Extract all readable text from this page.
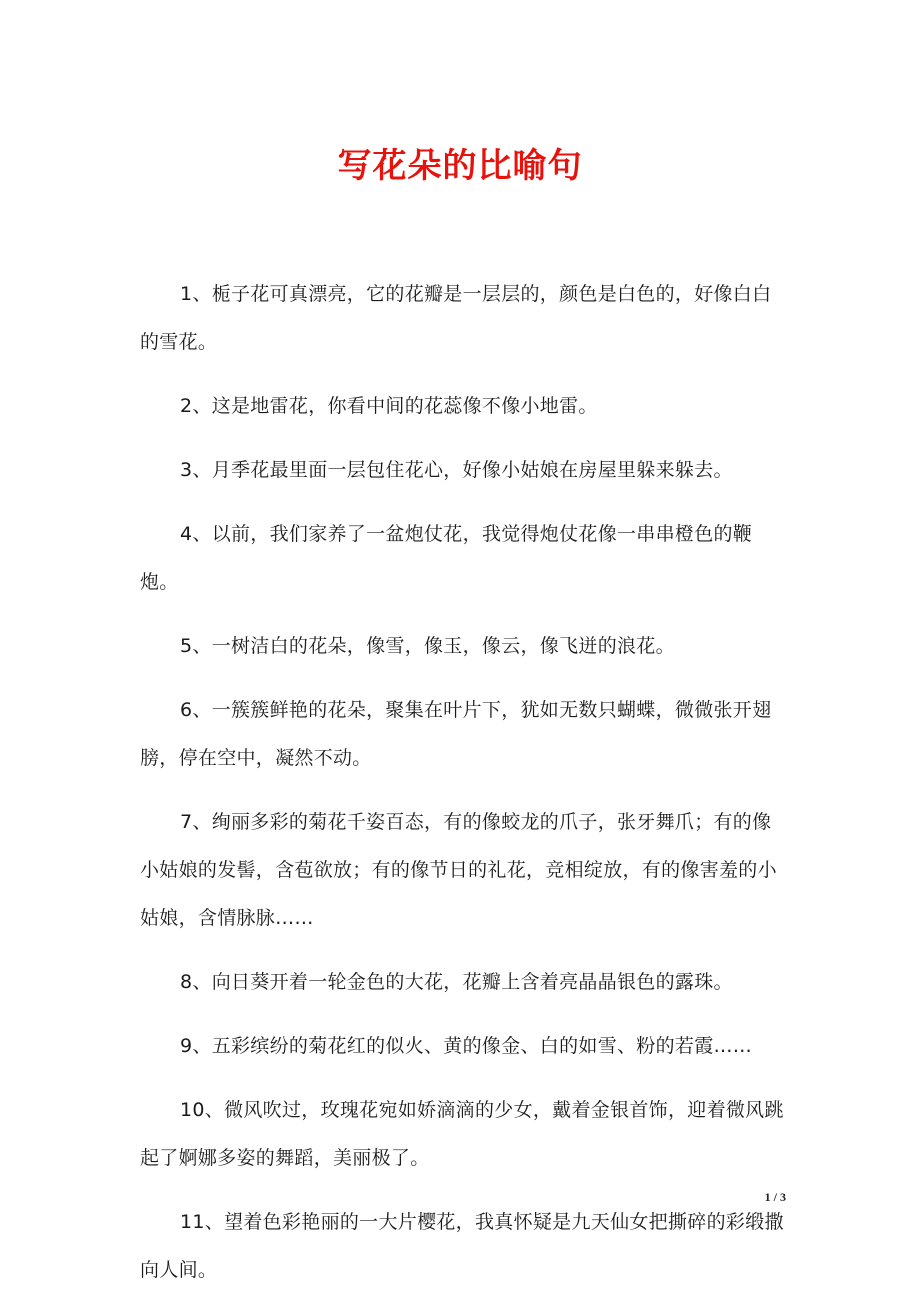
写花朵的比喻句

1、栀子花可真漂亮，它的花瓣是一层层的，颜色是白色的，好像白白的雪花。

2、这是地雷花，你看中间的花蕊像不像小地雷。

3、月季花最里面一层包住花心，好像小姑娘在房屋里躲来躲去。

4、以前，我们家养了一盆炮仗花，我觉得炮仗花像一串串橙色的鞭炮。

5、一树洁白的花朵，像雪，像玉，像云，像飞迸的浪花。

6、一簇簇鲜艳的花朵，聚集在叶片下，犹如无数只蝴蝶，微微张开翅膀，停在空中，凝然不动。

7、绚丽多彩的菊花千姿百态，有的像蛟龙的爪子，张牙舞爪；有的像小姑娘的发髻，含苞欲放；有的像节日的礼花，竞相绽放，有的像害羞的小姑娘，含情脉脉……

8、向日葵开着一轮金色的大花，花瓣上含着亮晶晶银色的露珠。

9、五彩缤纷的菊花红的似火、黄的像金、白的如雪、粉的若霞……

10、微风吹过，玫瑰花宛如娇滴滴的少女，戴着金银首饰，迎着微风跳起了婀娜多姿的舞蹈，美丽极了。

11、望着色彩艳丽的一大片樱花，我真怀疑是九天仙女把撕碎的彩缎撒向人间。

1 / 3
